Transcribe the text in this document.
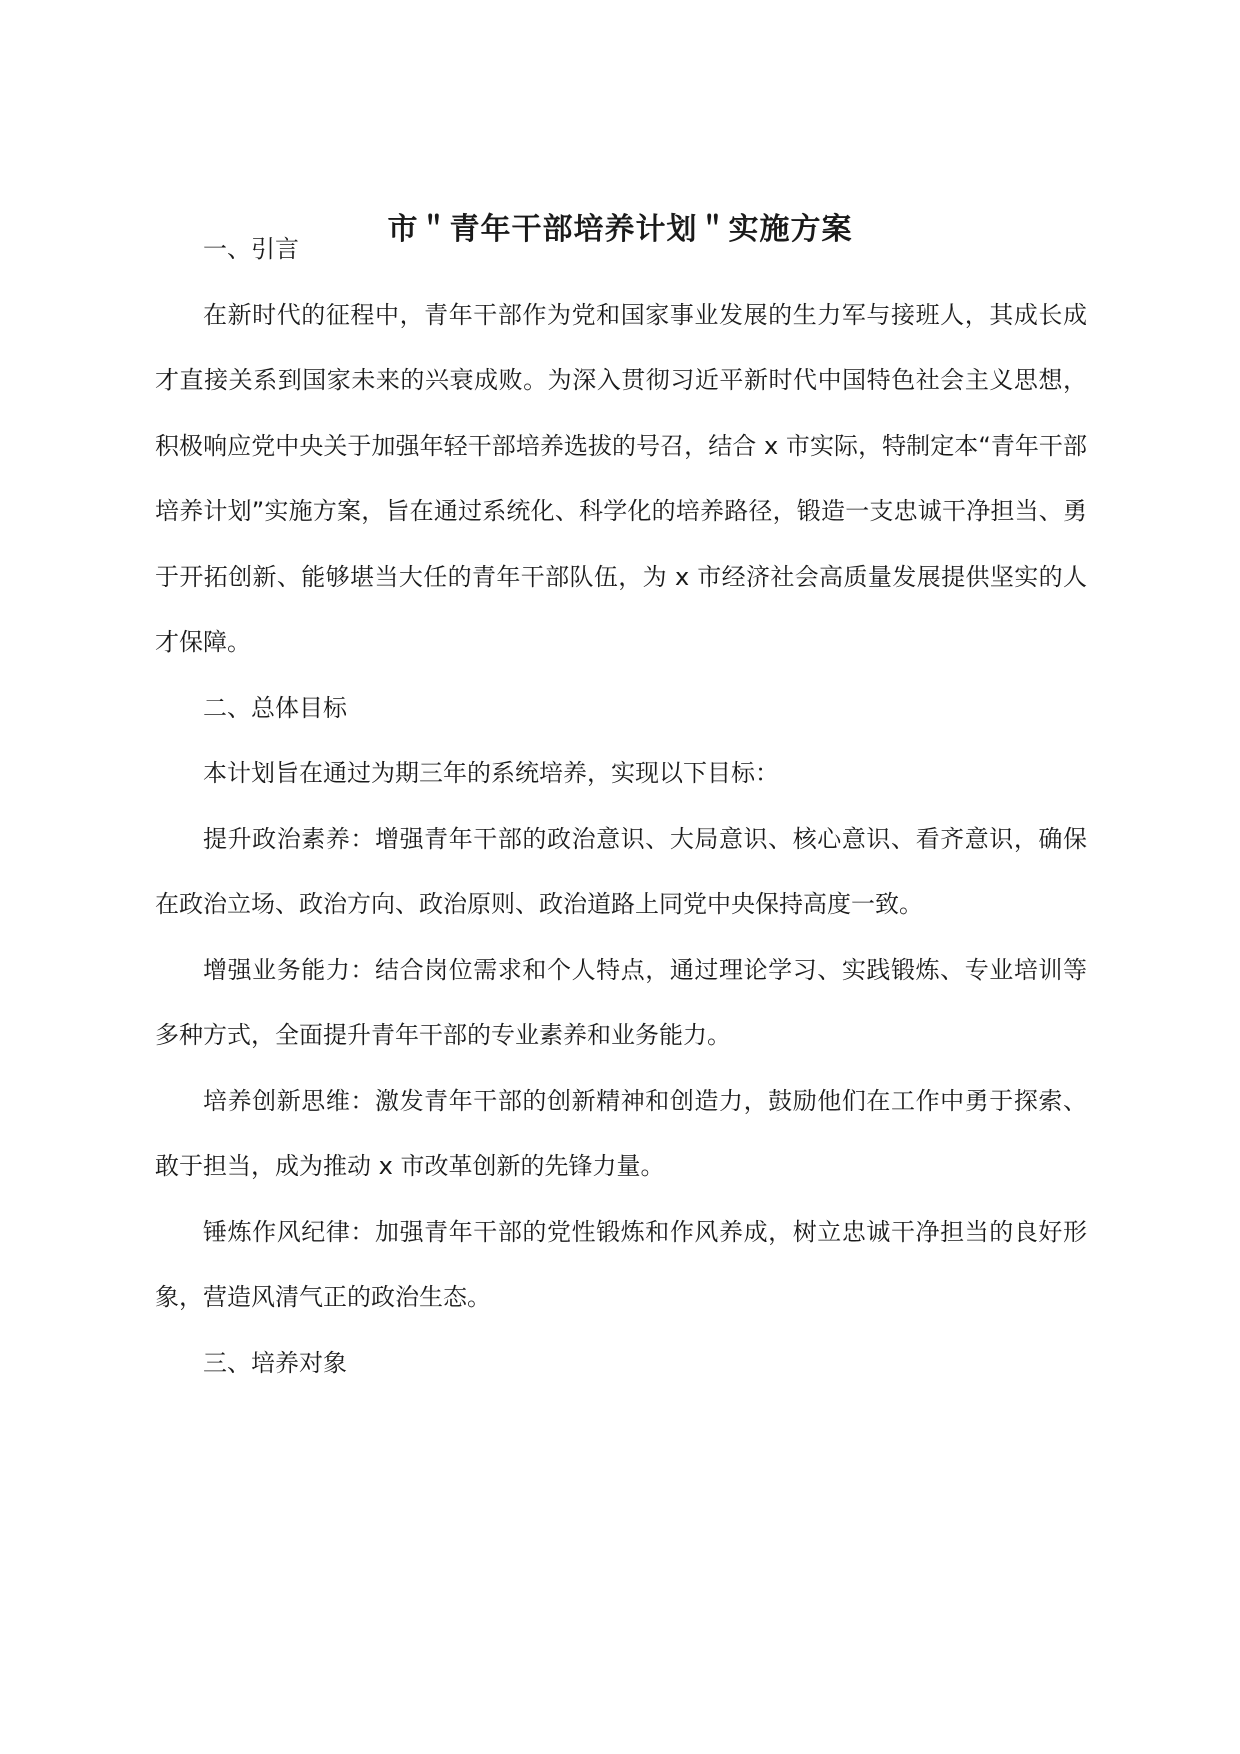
市＂青年干部培养计划＂实施方案

一、引言

在新时代的征程中，青年干部作为党和国家事业发展的生力军与接班人，其成长成才直接关系到国家未来的兴衰成败。为深入贯彻习近平新时代中国特色社会主义思想，积极响应党中央关于加强年轻干部培养选拔的号召，结合 x 市实际，特制定本“青年干部培养计划”实施方案，旨在通过系统化、科学化的培养路径，锻造一支忠诚干净担当、勇于开拓创新、能够堪当大任的青年干部队伍，为 x 市经济社会高质量发展提供坚实的人才保障。

二、总体目标

本计划旨在通过为期三年的系统培养，实现以下目标：

提升政治素养：增强青年干部的政治意识、大局意识、核心意识、看齐意识，确保在政治立场、政治方向、政治原则、政治道路上同党中央保持高度一致。

增强业务能力：结合岗位需求和个人特点，通过理论学习、实践锻炼、专业培训等多种方式，全面提升青年干部的专业素养和业务能力。

培养创新思维：激发青年干部的创新精神和创造力，鼓励他们在工作中勇于探索、敢于担当，成为推动 x 市改革创新的先锋力量。

锤炼作风纪律：加强青年干部的党性锻炼和作风养成，树立忠诚干净担当的良好形象，营造风清气正的政治生态。

三、培养对象
